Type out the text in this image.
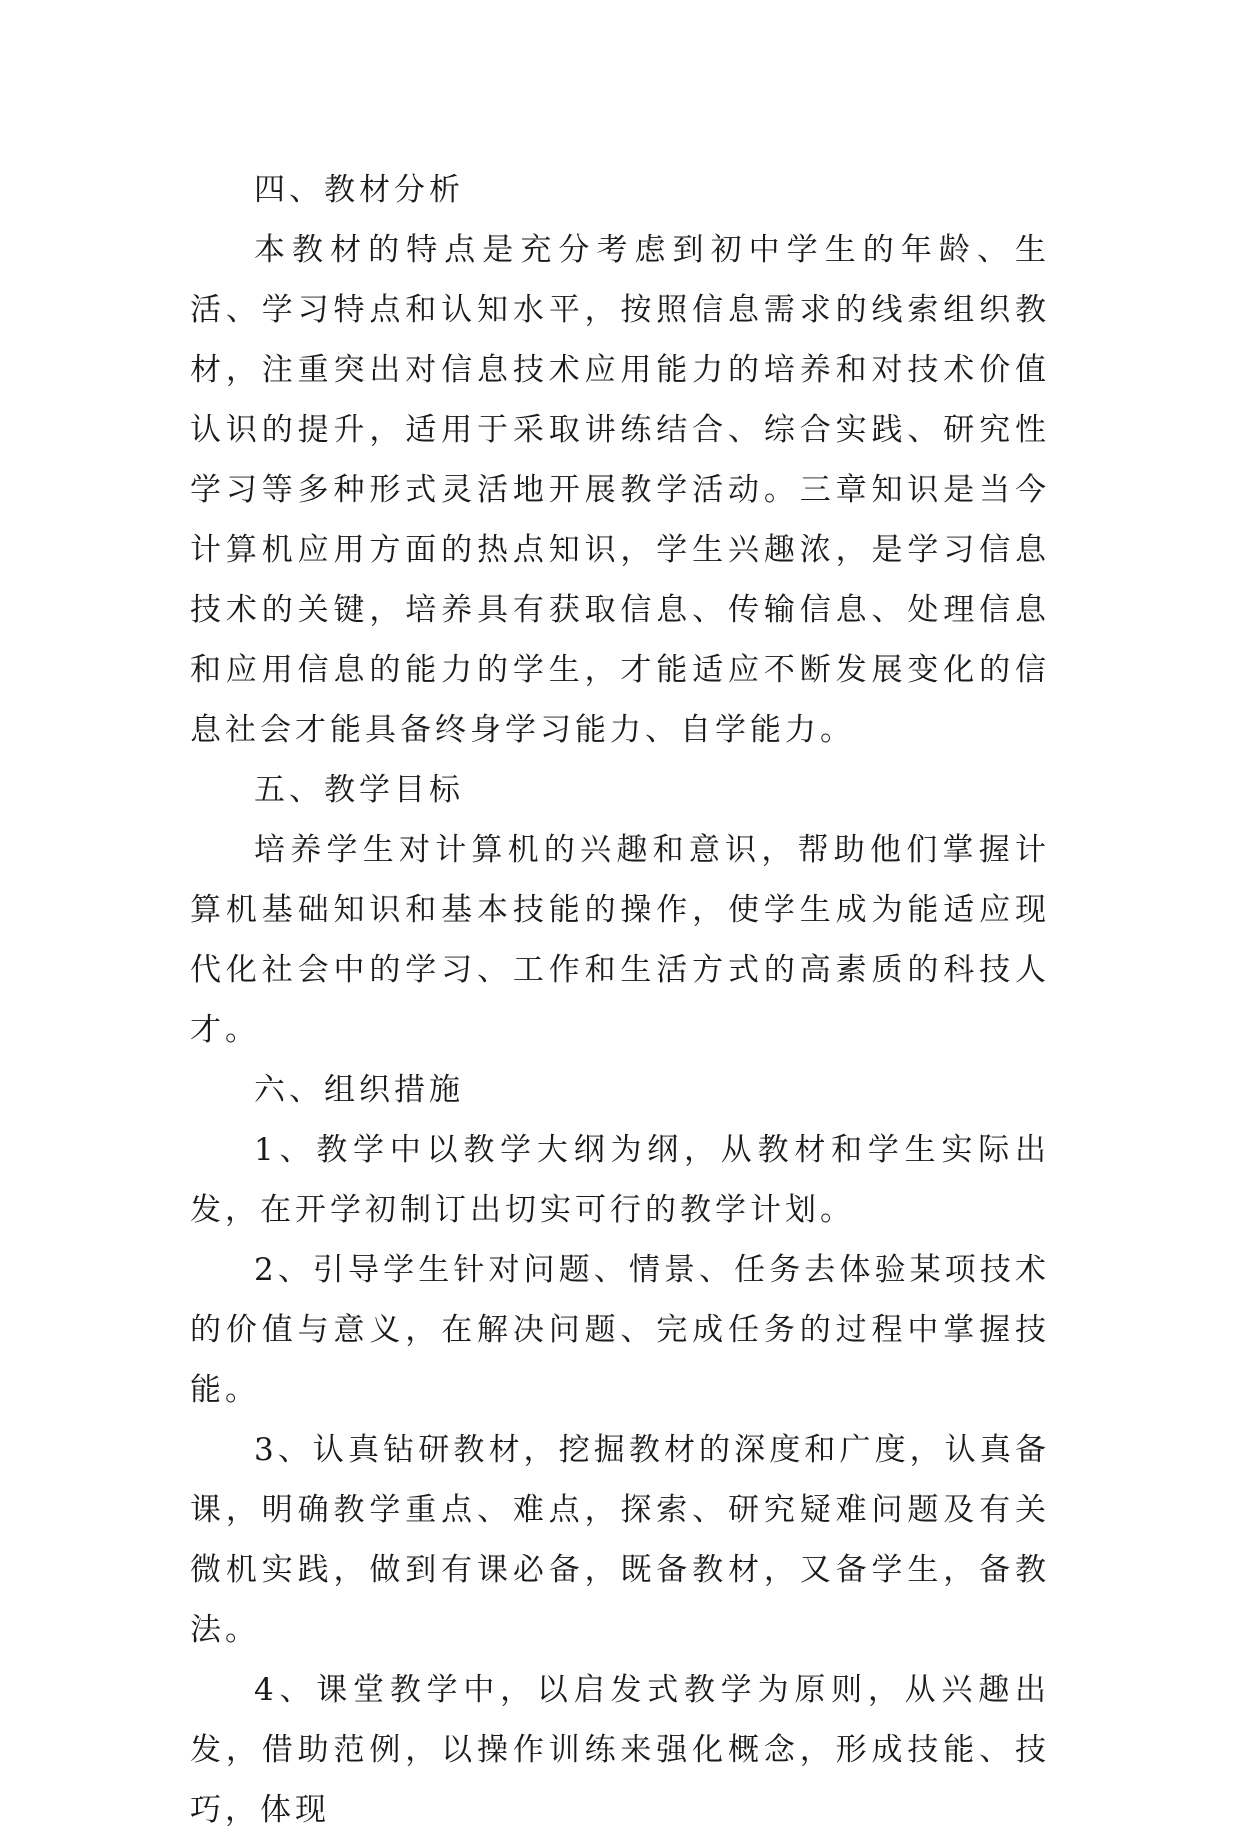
四、教材分析

本教材的特点是充分考虑到初中学生的年龄、生活、学习特点和认知水平，按照信息需求的线索组织教材，注重突出对信息技术应用能力的培养和对技术价值认识的提升，适用于采取讲练结合、综合实践、研究性学习等多种形式灵活地开展教学活动。三章知识是当今计算机应用方面的热点知识，学生兴趣浓，是学习信息技术的关键，培养具有获取信息、传输信息、处理信息和应用信息的能力的学生，才能适应不断发展变化的信息社会才能具备终身学习能力、自学能力。

五、教学目标

培养学生对计算机的兴趣和意识，帮助他们掌握计算机基础知识和基本技能的操作，使学生成为能适应现代化社会中的学习、工作和生活方式的高素质的科技人才。

六、组织措施

1、教学中以教学大纲为纲，从教材和学生实际出发，在开学初制订出切实可行的教学计划。

2、引导学生针对问题、情景、任务去体验某项技术的价值与意义，在解决问题、完成任务的过程中掌握技能。

3、认真钻研教材，挖掘教材的深度和广度，认真备课，明确教学重点、难点，探索、研究疑难问题及有关微机实践，做到有课必备，既备教材，又备学生，备教法。

4、课堂教学中，以启发式教学为原则，从兴趣出发，借助范例，以操作训练来强化概念，形成技能、技巧，体现
